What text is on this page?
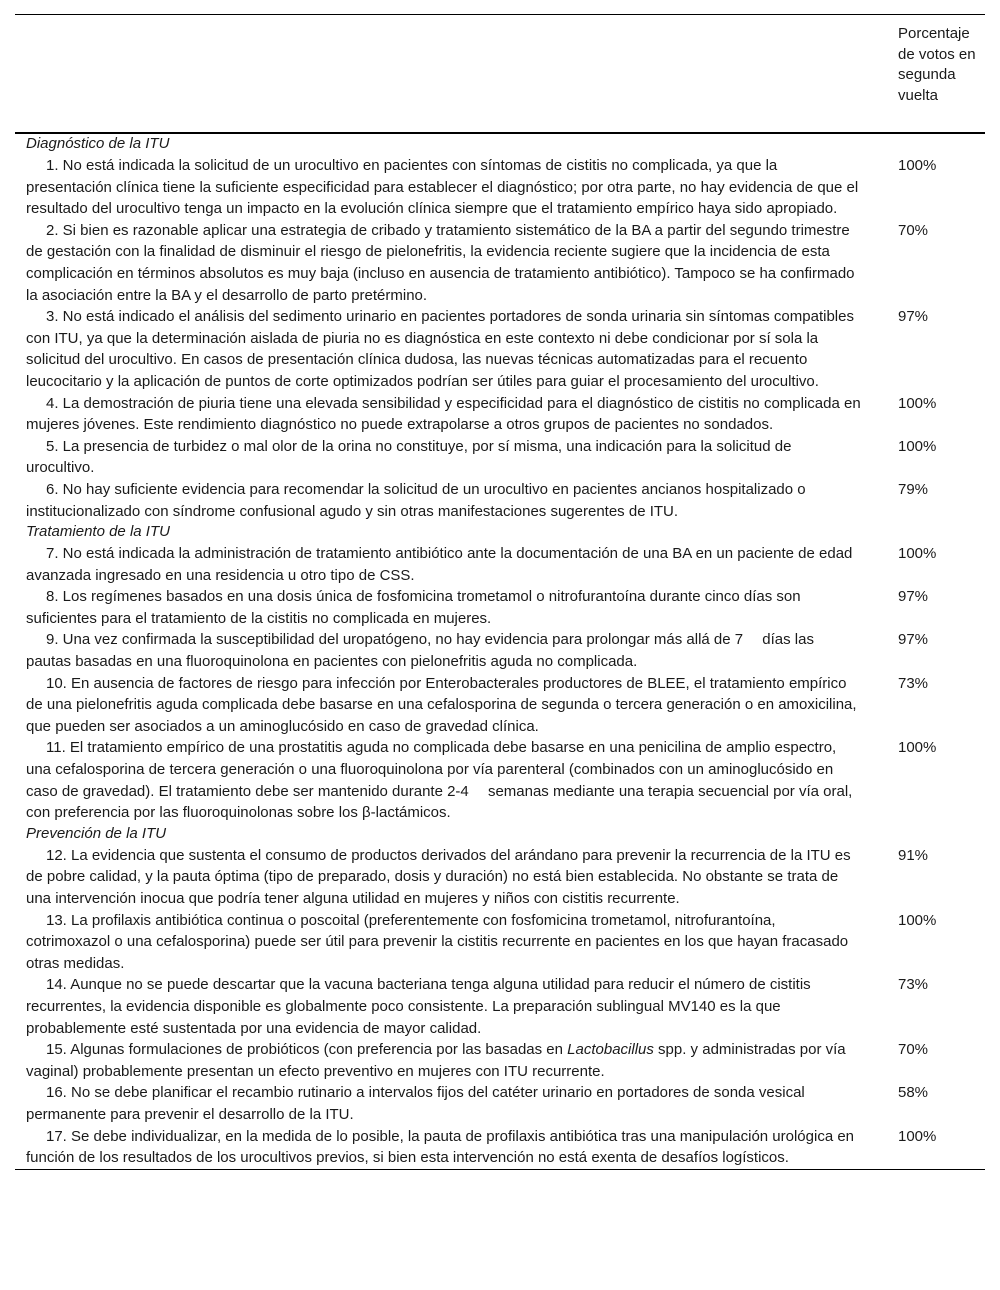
Porcentaje de votos en segunda vuelta
Diagnóstico de la ITU
1. No está indicada la solicitud de un urocultivo en pacientes con síntomas de cistitis no complicada, ya que la presentación clínica tiene la suficiente especificidad para establecer el diagnóstico; por otra parte, no hay evidencia de que el resultado del urocultivo tenga un impacto en la evolución clínica siempre que el tratamiento empírico haya sido apropiado.
100%
2. Si bien es razonable aplicar una estrategia de cribado y tratamiento sistemático de la BA a partir del segundo trimestre de gestación con la finalidad de disminuir el riesgo de pielonefritis, la evidencia reciente sugiere que la incidencia de esta complicación en términos absolutos es muy baja (incluso en ausencia de tratamiento antibiótico). Tampoco se ha confirmado la asociación entre la BA y el desarrollo de parto pretérmino.
70%
3. No está indicado el análisis del sedimento urinario en pacientes portadores de sonda urinaria sin síntomas compatibles con ITU, ya que la determinación aislada de piuria no es diagnóstica en este contexto ni debe condicionar por sí sola la solicitud del urocultivo. En casos de presentación clínica dudosa, las nuevas técnicas automatizadas para el recuento leucocitario y la aplicación de puntos de corte optimizados podrían ser útiles para guiar el procesamiento del urocultivo.
97%
4. La demostración de piuria tiene una elevada sensibilidad y especificidad para el diagnóstico de cistitis no complicada en mujeres jóvenes. Este rendimiento diagnóstico no puede extrapolarse a otros grupos de pacientes no sondados.
100%
5. La presencia de turbidez o mal olor de la orina no constituye, por sí misma, una indicación para la solicitud de urocultivo.
100%
6. No hay suficiente evidencia para recomendar la solicitud de un urocultivo en pacientes ancianos hospitalizado o institucionalizado con síndrome confusional agudo y sin otras manifestaciones sugerentes de ITU.
79%
Tratamiento de la ITU
7. No está indicada la administración de tratamiento antibiótico ante la documentación de una BA en un paciente de edad avanzada ingresado en una residencia u otro tipo de CSS.
100%
8. Los regímenes basados en una dosis única de fosfomicina trometamol o nitrofurantoína durante cinco días son suficientes para el tratamiento de la cistitis no complicada en mujeres.
97%
9. Una vez confirmada la susceptibilidad del uropatógeno, no hay evidencia para prolongar más allá de 7  días las pautas basadas en una fluoroquinolona en pacientes con pielonefritis aguda no complicada.
97%
10. En ausencia de factores de riesgo para infección por Enterobacterales productores de BLEE, el tratamiento empírico de una pielonefritis aguda complicada debe basarse en una cefalosporina de segunda o tercera generación o en amoxicilina, que pueden ser asociados a un aminoglucósido en caso de gravedad clínica.
73%
11. El tratamiento empírico de una prostatitis aguda no complicada debe basarse en una penicilina de amplio espectro, una cefalosporina de tercera generación o una fluoroquinolona por vía parenteral (combinados con un aminoglucósido en caso de gravedad). El tratamiento debe ser mantenido durante 2-4  semanas mediante una terapia secuencial por vía oral, con preferencia por las fluoroquinolonas sobre los β-lactámicos.
100%
Prevención de la ITU
12. La evidencia que sustenta el consumo de productos derivados del arándano para prevenir la recurrencia de la ITU es de pobre calidad, y la pauta óptima (tipo de preparado, dosis y duración) no está bien establecida. No obstante se trata de una intervención inocua que podría tener alguna utilidad en mujeres y niños con cistitis recurrente.
91%
13. La profilaxis antibiótica continua o poscoital (preferentemente con fosfomicina trometamol, nitrofurantoína, cotrimoxazol o una cefalosporina) puede ser útil para prevenir la cistitis recurrente en pacientes en los que hayan fracasado otras medidas.
100%
14. Aunque no se puede descartar que la vacuna bacteriana tenga alguna utilidad para reducir el número de cistitis recurrentes, la evidencia disponible es globalmente poco consistente. La preparación sublingual MV140 es la que probablemente esté sustentada por una evidencia de mayor calidad.
73%
15. Algunas formulaciones de probióticos (con preferencia por las basadas en Lactobacillus spp. y administradas por vía vaginal) probablemente presentan un efecto preventivo en mujeres con ITU recurrente.
70%
16. No se debe planificar el recambio rutinario a intervalos fijos del catéter urinario en portadores de sonda vesical permanente para prevenir el desarrollo de la ITU.
58%
17. Se debe individualizar, en la medida de lo posible, la pauta de profilaxis antibiótica tras una manipulación urológica en función de los resultados de los urocultivos previos, si bien esta intervención no está exenta de desafíos logísticos.
100%
